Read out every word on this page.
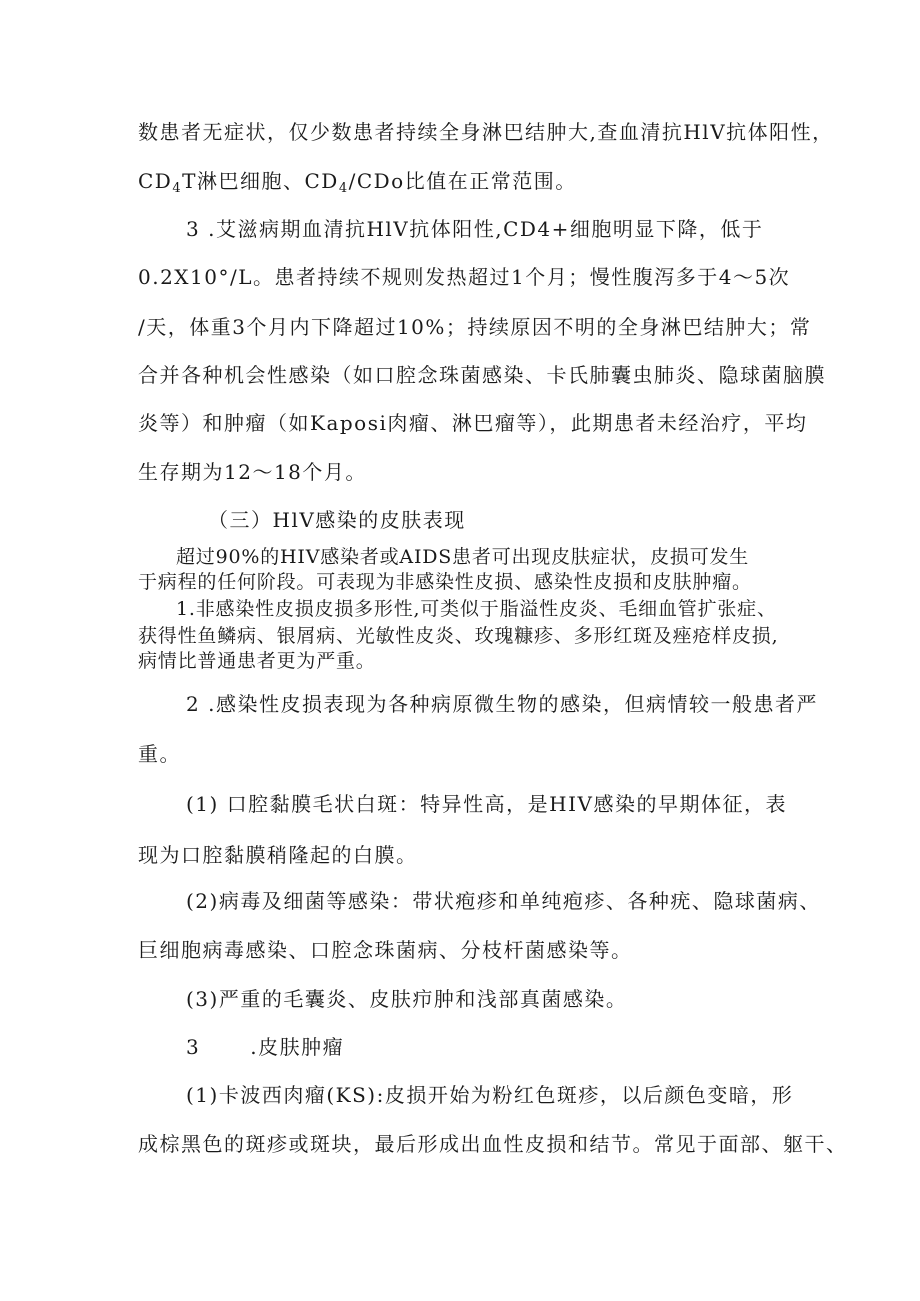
数患者无症状，仅少数患者持续全身淋巴结肿大,查血清抗HlV抗体阳性，
$CD_4T$淋巴细胞、$CD_4$/CDo比值在正常范围。
3 .艾滋病期血清抗HlV抗体阳性,CD4+细胞明显下降，低于
0.2X10°/L。患者持续不规则发热超过1个月；慢性腹泻多于4～5次
/天，体重3个月内下降超过10%；持续原因不明的全身淋巴结肿大；常
合并各种机会性感染（如口腔念珠菌感染、卡氏肺囊虫肺炎、隐球菌脑膜
炎等）和肿瘤（如Kaposi肉瘤、淋巴瘤等），此期患者未经治疗，平均
生存期为12～18个月。
（三）HlV感染的皮肤表现
超过90%的HIV感染者或AIDS患者可出现皮肤症状，皮损可发生
于病程的任何阶段。可表现为非感染性皮损、感染性皮损和皮肤肿瘤。
1.非感染性皮损皮损多形性,可类似于脂溢性皮炎、毛细血管扩张症、
获得性鱼鳞病、银屑病、光敏性皮炎、玫瑰糠疹、多形红斑及痤疮样皮损,
病情比普通患者更为严重。
2 .感染性皮损表现为各种病原微生物的感染，但病情较一般患者严
重。
(1) 口腔黏膜毛状白斑：特异性高，是HIV感染的早期体征，表
现为口腔黏膜稍隆起的白膜。
(2)病毒及细菌等感染：带状疱疹和单纯疱疹、各种疣、隐球菌病、
巨细胞病毒感染、口腔念珠菌病、分枝杆菌感染等。
(3)严重的毛囊炎、皮肤疖肿和浅部真菌感染。
3	.皮肤肿瘤
(1)卡波西肉瘤(KS):皮损开始为粉红色斑疹，以后颜色变暗，形
成棕黑色的斑疹或斑块，最后形成出血性皮损和结节。常见于面部、躯干、
